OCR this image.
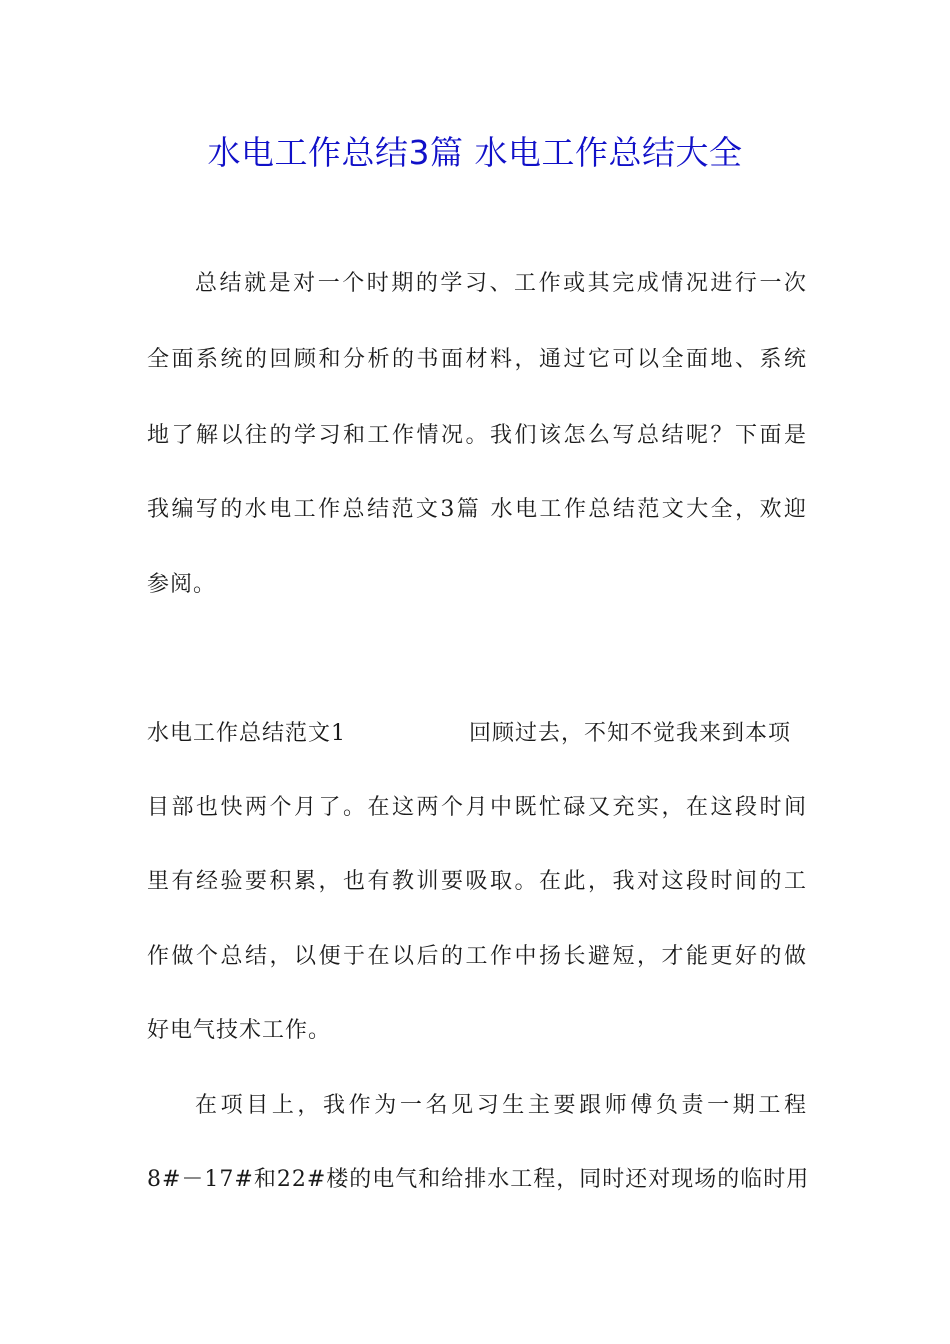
水电工作总结3篇 水电工作总结大全
总结就是对一个时期的学习、工作或其完成情况进行一次
全面系统的回顾和分析的书面材料，通过它可以全面地、系统
地了解以往的学习和工作情况。我们该怎么写总结呢？下面是
我编写的水电工作总结范文3篇 水电工作总结范文大全，欢迎
参阅。
水电工作总结范文1	回顾过去，不知不觉我来到本项
目部也快两个月了。在这两个月中既忙碌又充实，在这段时间
里有经验要积累，也有教训要吸取。在此，我对这段时间的工
作做个总结，以便于在以后的工作中扬长避短，才能更好的做
好电气技术工作。
在项目上，我作为一名见习生主要跟师傅负责一期工程
8#－17#和22#楼的电气和给排水工程，同时还对现场的临时用
